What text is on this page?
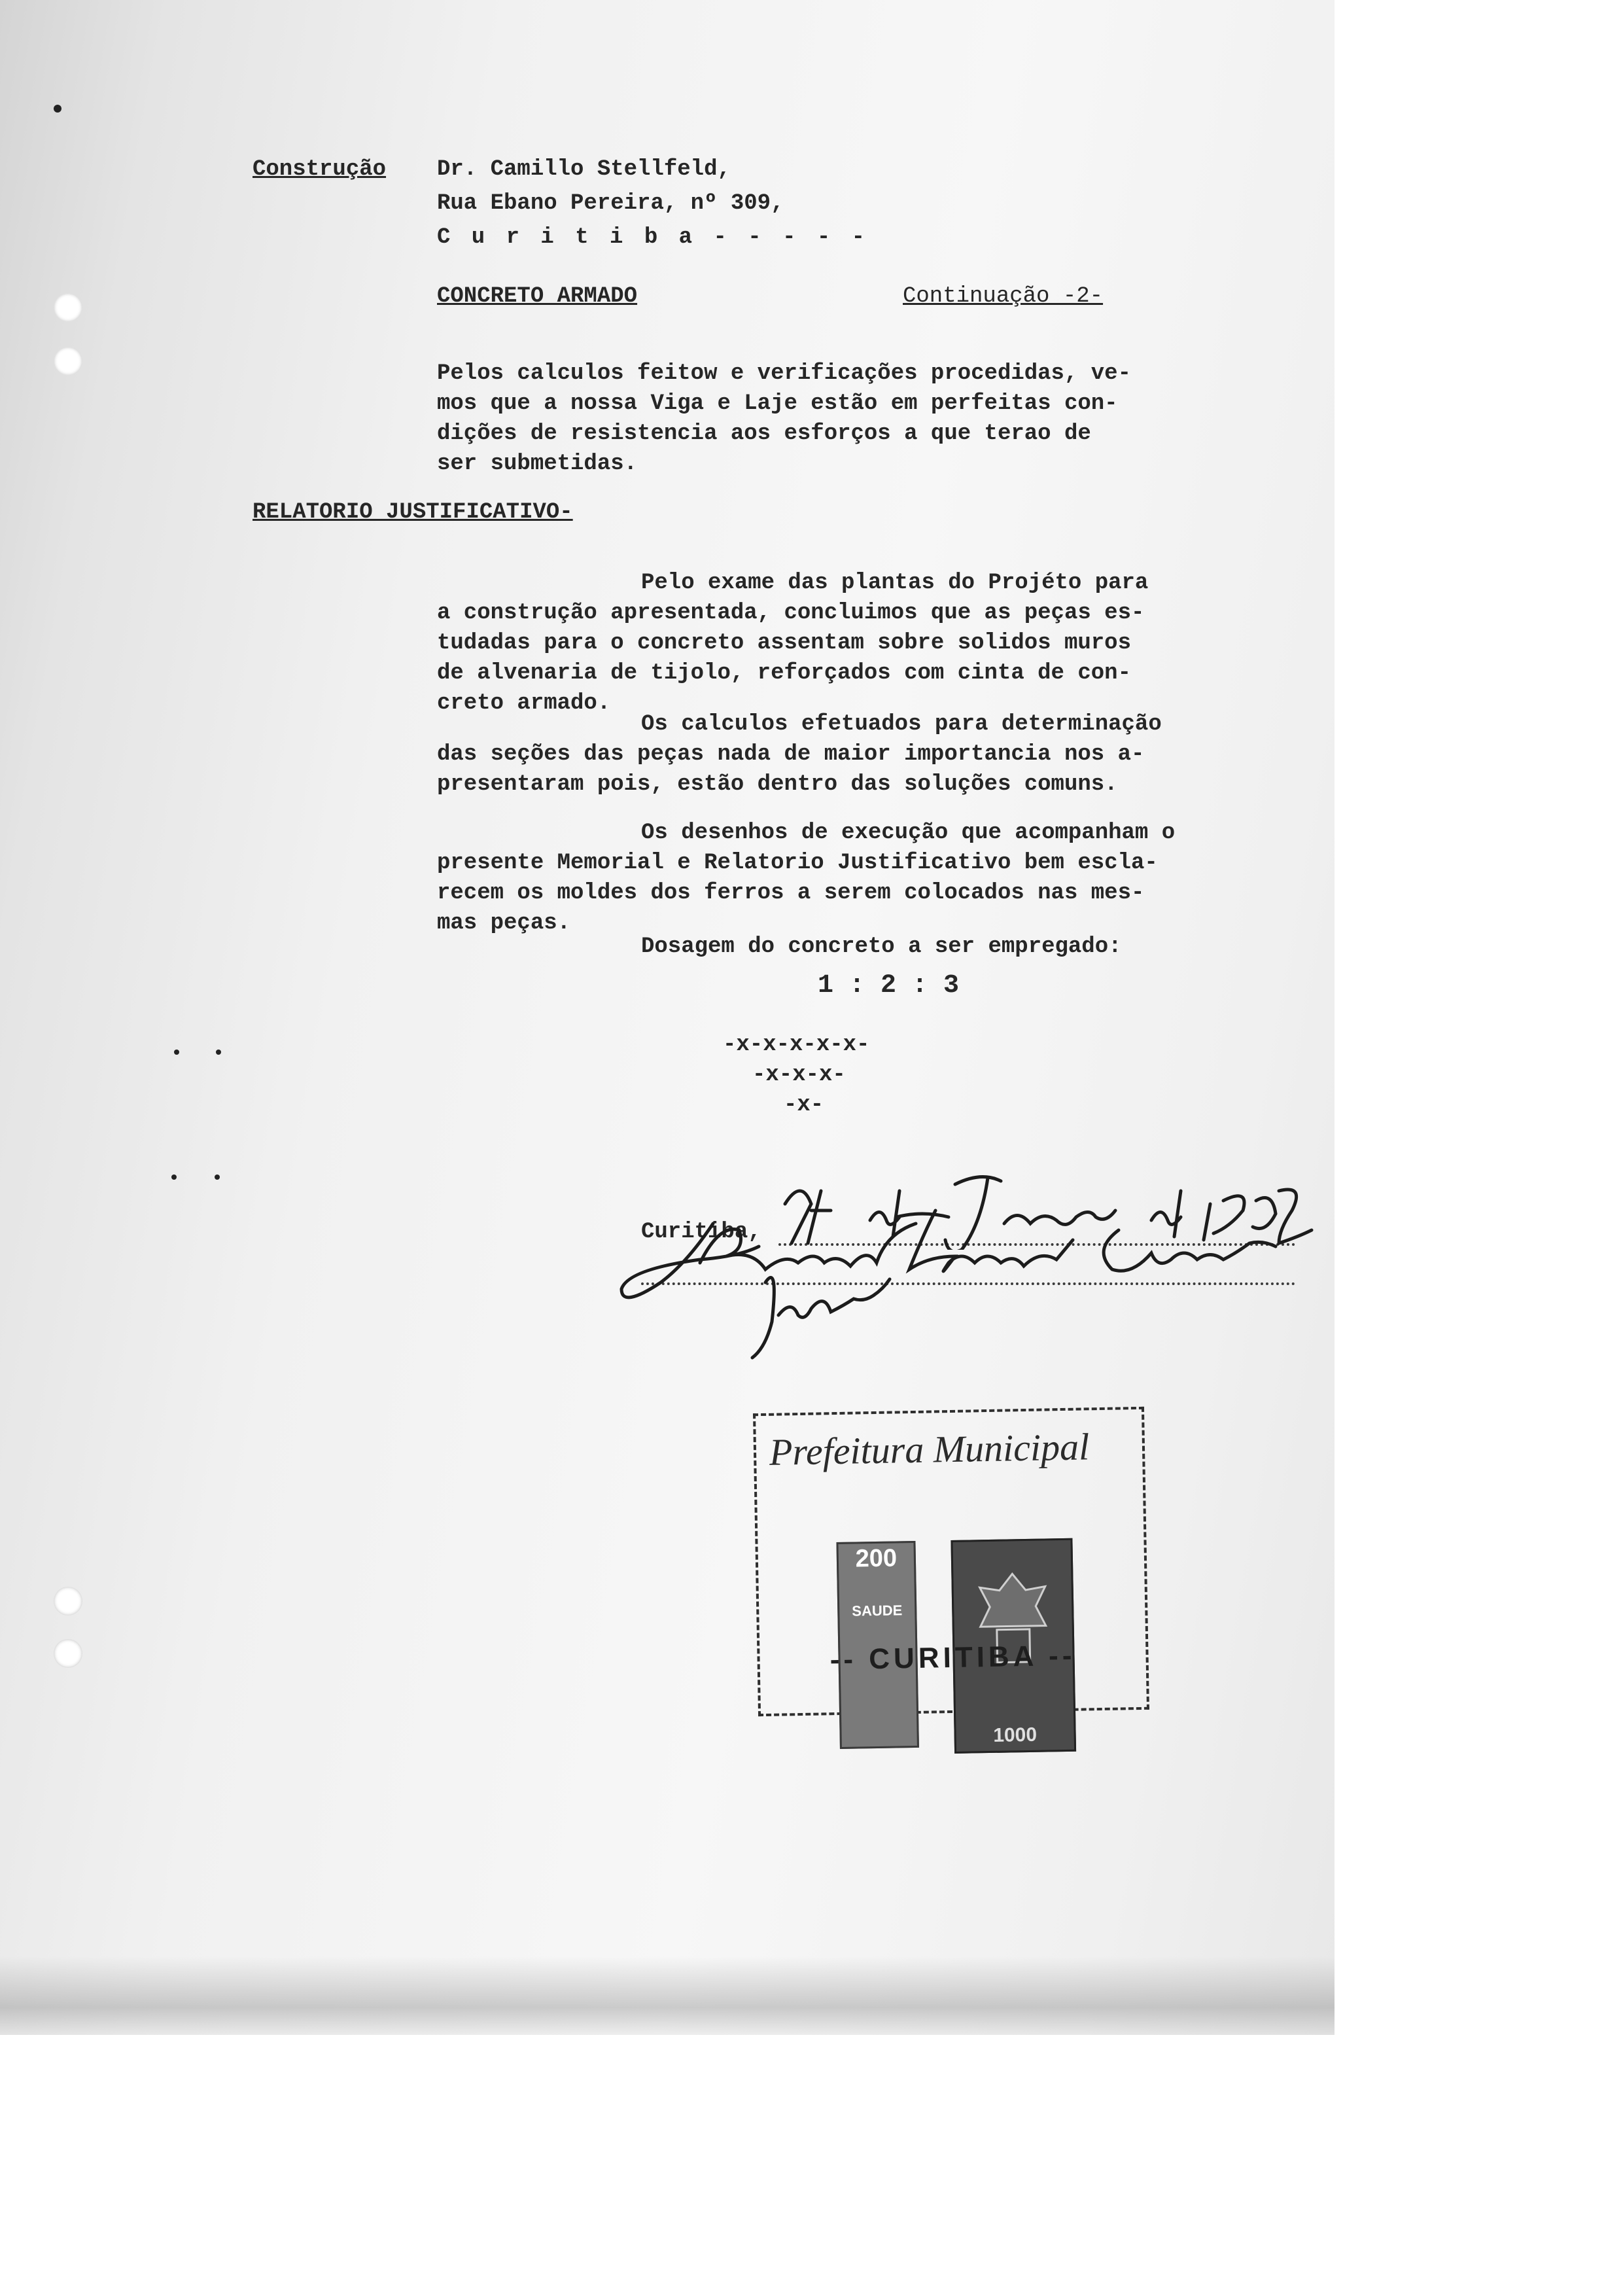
Construção Dr. Camillo Stellfeld,
Rua Ebano Pereira, nº 309,
C u r i t i b a - - - - -
CONCRETO ARMADO	Continuação -2-
Pelos calculos feitow e verificações procedidas, ve-
mos que a nossa Viga e Laje estão em perfeitas con-
dições de resistencia aos esforços a que terao de
ser submetidas.
RELATORIO JUSTIFICATIVO-
Pelo exame das plantas do Projéto para
a construção apresentada, concluimos que as peças es-
tudadas para o concreto assentam sobre solidos muros
de alvenaria de tijolo, reforçados com cinta de con-
creto armado.
Os calculos efetuados para determinação
das seções das peças nada de maior importancia nos a-
presentaram pois, estão dentro das soluções comuns.
Os desenhos de execução que acompanham o
presente Memorial e Relatorio Justificativo bem escla-
recem os moldes dos ferros a serem colocados nas mes-
mas peças.
Dosagem do concreto a ser empregado:
1 : 2 : 3
-x-x-x-x-x-
-x-x-x-
-x-
Curitiba,
Prefeitura Municipal
200
SAUDE
1000
-- CURITIBA --
